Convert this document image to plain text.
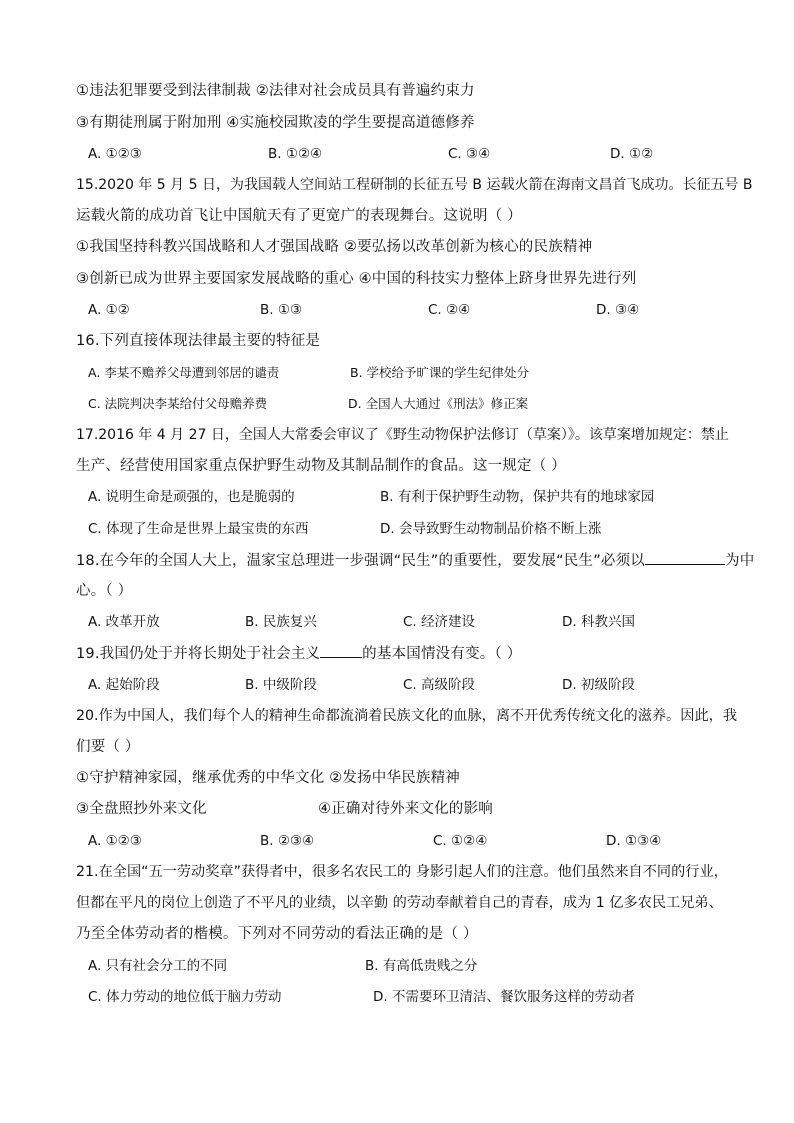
①违法犯罪要受到法律制裁 ②法律对社会成员具有普遍约束力
③有期徒刑属于附加刑 ④实施校园欺凌的学生要提高道德修养
A. ①②③	B. ①②④	C. ③④	D. ①②
15.2020 年 5 月 5 日，为我国载人空间站工程研制的长征五号 B 运载火箭在海南文昌首飞成功。长征五号 B
运载火箭的成功首飞让中国航天有了更宽广的表现舞台。这说明（ ）
①我国坚持科教兴国战略和人才强国战略 ②要弘扬以改革创新为核心的民族精神
③创新已成为世界主要国家发展战略的重心 ④中国的科技实力整体上跻身世界先进行列
A. ①②	B. ①③	C. ②④	D. ③④
16.下列直接体现法律最主要的特征是
A. 李某不赡养父母遭到邻居的谴责	B. 学校给予旷课的学生纪律处分
C. 法院判决李某给付父母赡养费	D. 全国人大通过《刑法》修正案
17.2016 年 4 月 27 日，全国人大常委会审议了《野生动物保护法修订（草案）》。该草案增加规定：禁止
生产、经营使用国家重点保护野生动物及其制品制作的食品。这一规定（ ）
A. 说明生命是顽强的，也是脆弱的	B. 有利于保护野生动物，保护共有的地球家园
C. 体现了生命是世界上最宝贵的东西	D. 会导致野生动物制品价格不断上涨
18.在今年的全国人大上，温家宝总理进一步强调“民生”的重要性，要发展“民生”必须以	为中
心。（ ）
A. 改革开放	B. 民族复兴	C. 经济建设	D. 科教兴国
19.我国仍处于并将长期处于社会主义	的基本国情没有变。（ ）
A. 起始阶段	B. 中级阶段	C. 高级阶段	D. 初级阶段
20.作为中国人，我们每个人的精神生命都流淌着民族文化的血脉，离不开优秀传统文化的滋养。因此，我
们要（ ）
①守护精神家园，继承优秀的中华文化 ②发扬中华民族精神
③全盘照抄外来文化	④正确对待外来文化的影响
A. ①②③	B. ②③④	C. ①②④	D. ①③④
21.在全国“五一劳动奖章”获得者中，很多名农民工的 身影引起人们的注意。他们虽然来自不同的行业，
但都在平凡的岗位上创造了不平凡的业绩，以辛勤 的劳动奉献着自己的青春，成为 1 亿多农民工兄弟、
乃至全体劳动者的楷模。下列对不同劳动的看法正确的是（ ）
A. 只有社会分工的不同	B. 有高低贵贱之分
C. 体力劳动的地位低于脑力劳动	D. 不需要环卫清洁、餐饮服务这样的劳动者
